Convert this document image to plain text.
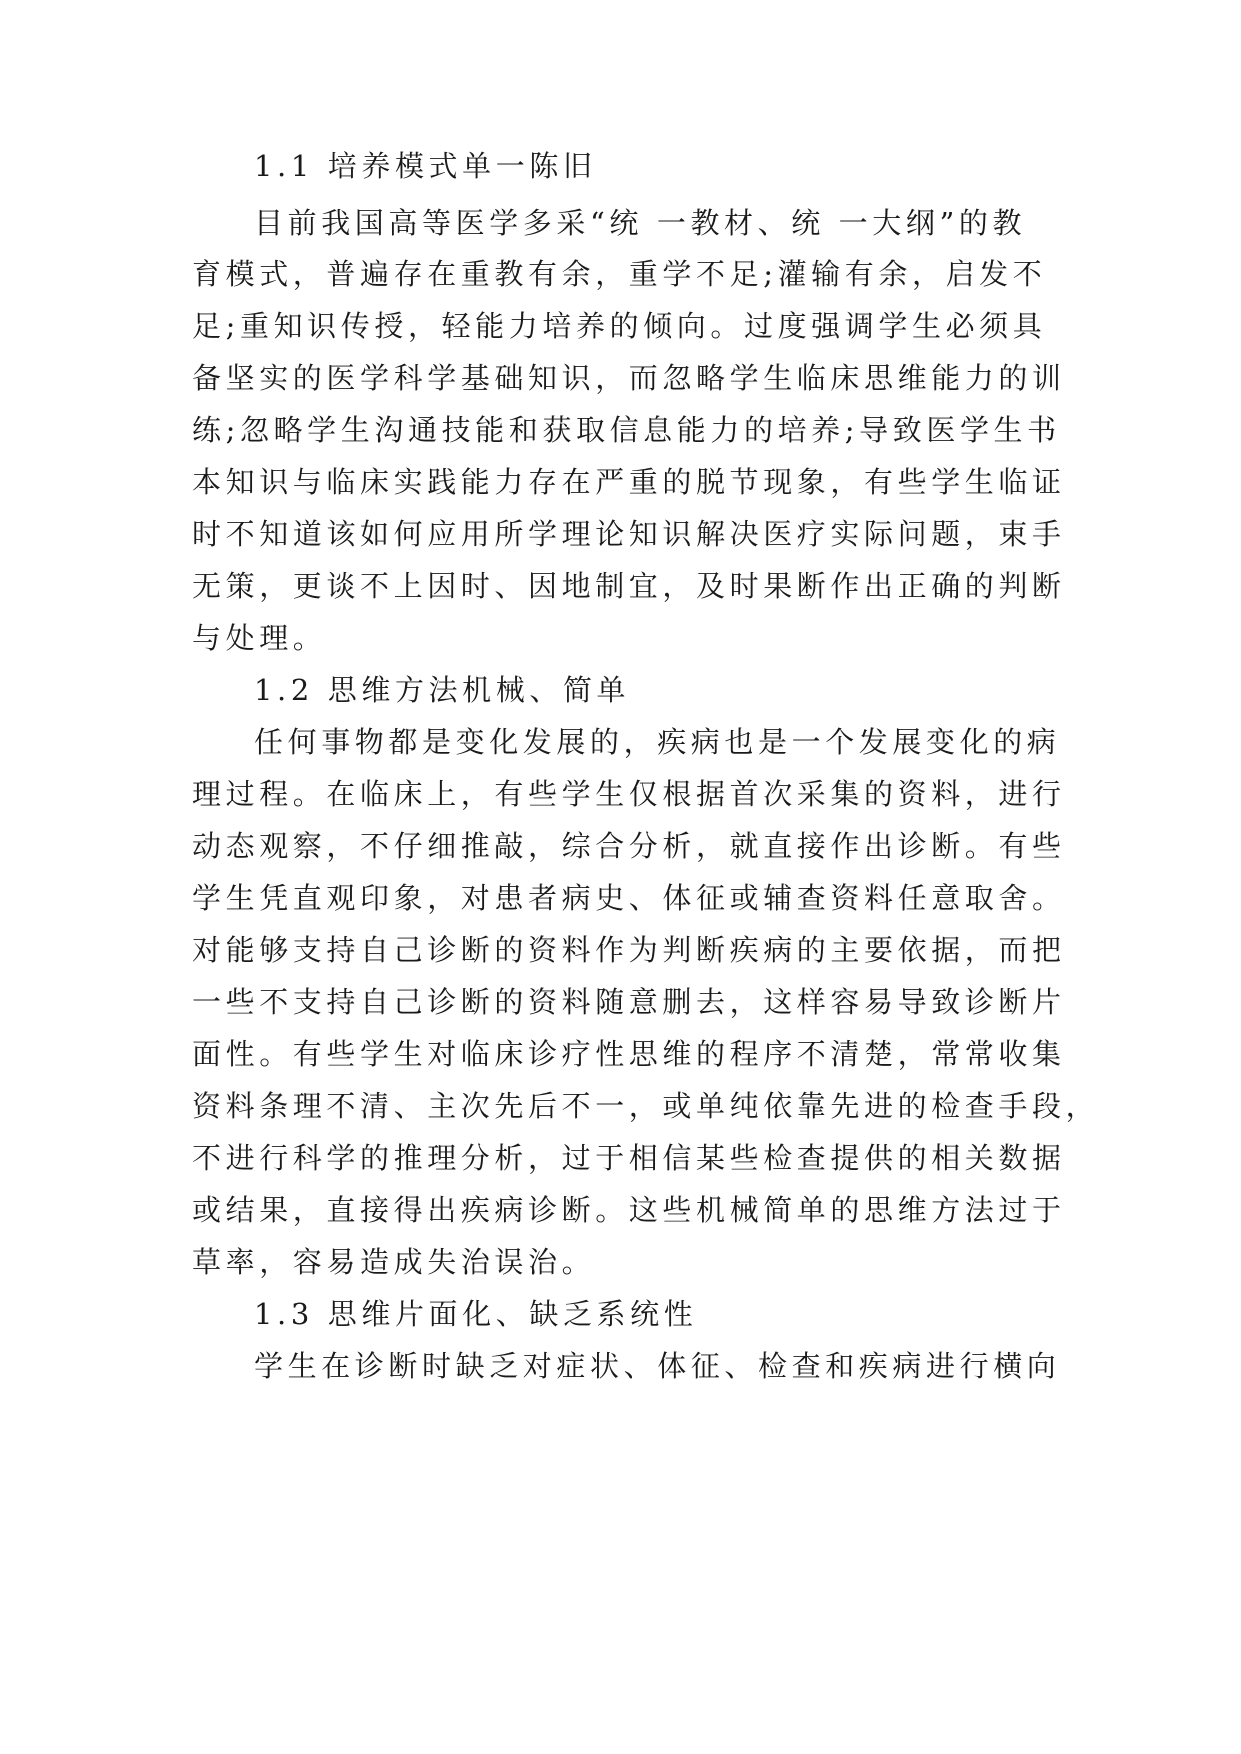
1.1 培养模式单一陈旧
目前我国高等医学多采“统 一教材、统 一大纲”的教
育模式，普遍存在重教有余，重学不足;灌输有余，启发不
足;重知识传授，轻能力培养的倾向。过度强调学生必须具
备坚实的医学科学基础知识，而忽略学生临床思维能力的训
练;忽略学生沟通技能和获取信息能力的培养;导致医学生书
本知识与临床实践能力存在严重的脱节现象，有些学生临证
时不知道该如何应用所学理论知识解决医疗实际问题，束手
无策，更谈不上因时、因地制宜，及时果断作出正确的判断
与处理。
1.2 思维方法机械、简单
任何事物都是变化发展的，疾病也是一个发展变化的病
理过程。在临床上，有些学生仅根据首次采集的资料，进行
动态观察，不仔细推敲，综合分析，就直接作出诊断。有些
学生凭直观印象，对患者病史、体征或辅查资料任意取舍。
对能够支持自己诊断的资料作为判断疾病的主要依据，而把
一些不支持自己诊断的资料随意删去，这样容易导致诊断片
面性。有些学生对临床诊疗性思维的程序不清楚，常常收集
资料条理不清、主次先后不一，或单纯依靠先进的检查手段，
不进行科学的推理分析，过于相信某些检查提供的相关数据
或结果，直接得出疾病诊断。这些机械简单的思维方法过于
草率，容易造成失治误治。
1.3 思维片面化、缺乏系统性
学生在诊断时缺乏对症状、体征、检查和疾病进行横向
